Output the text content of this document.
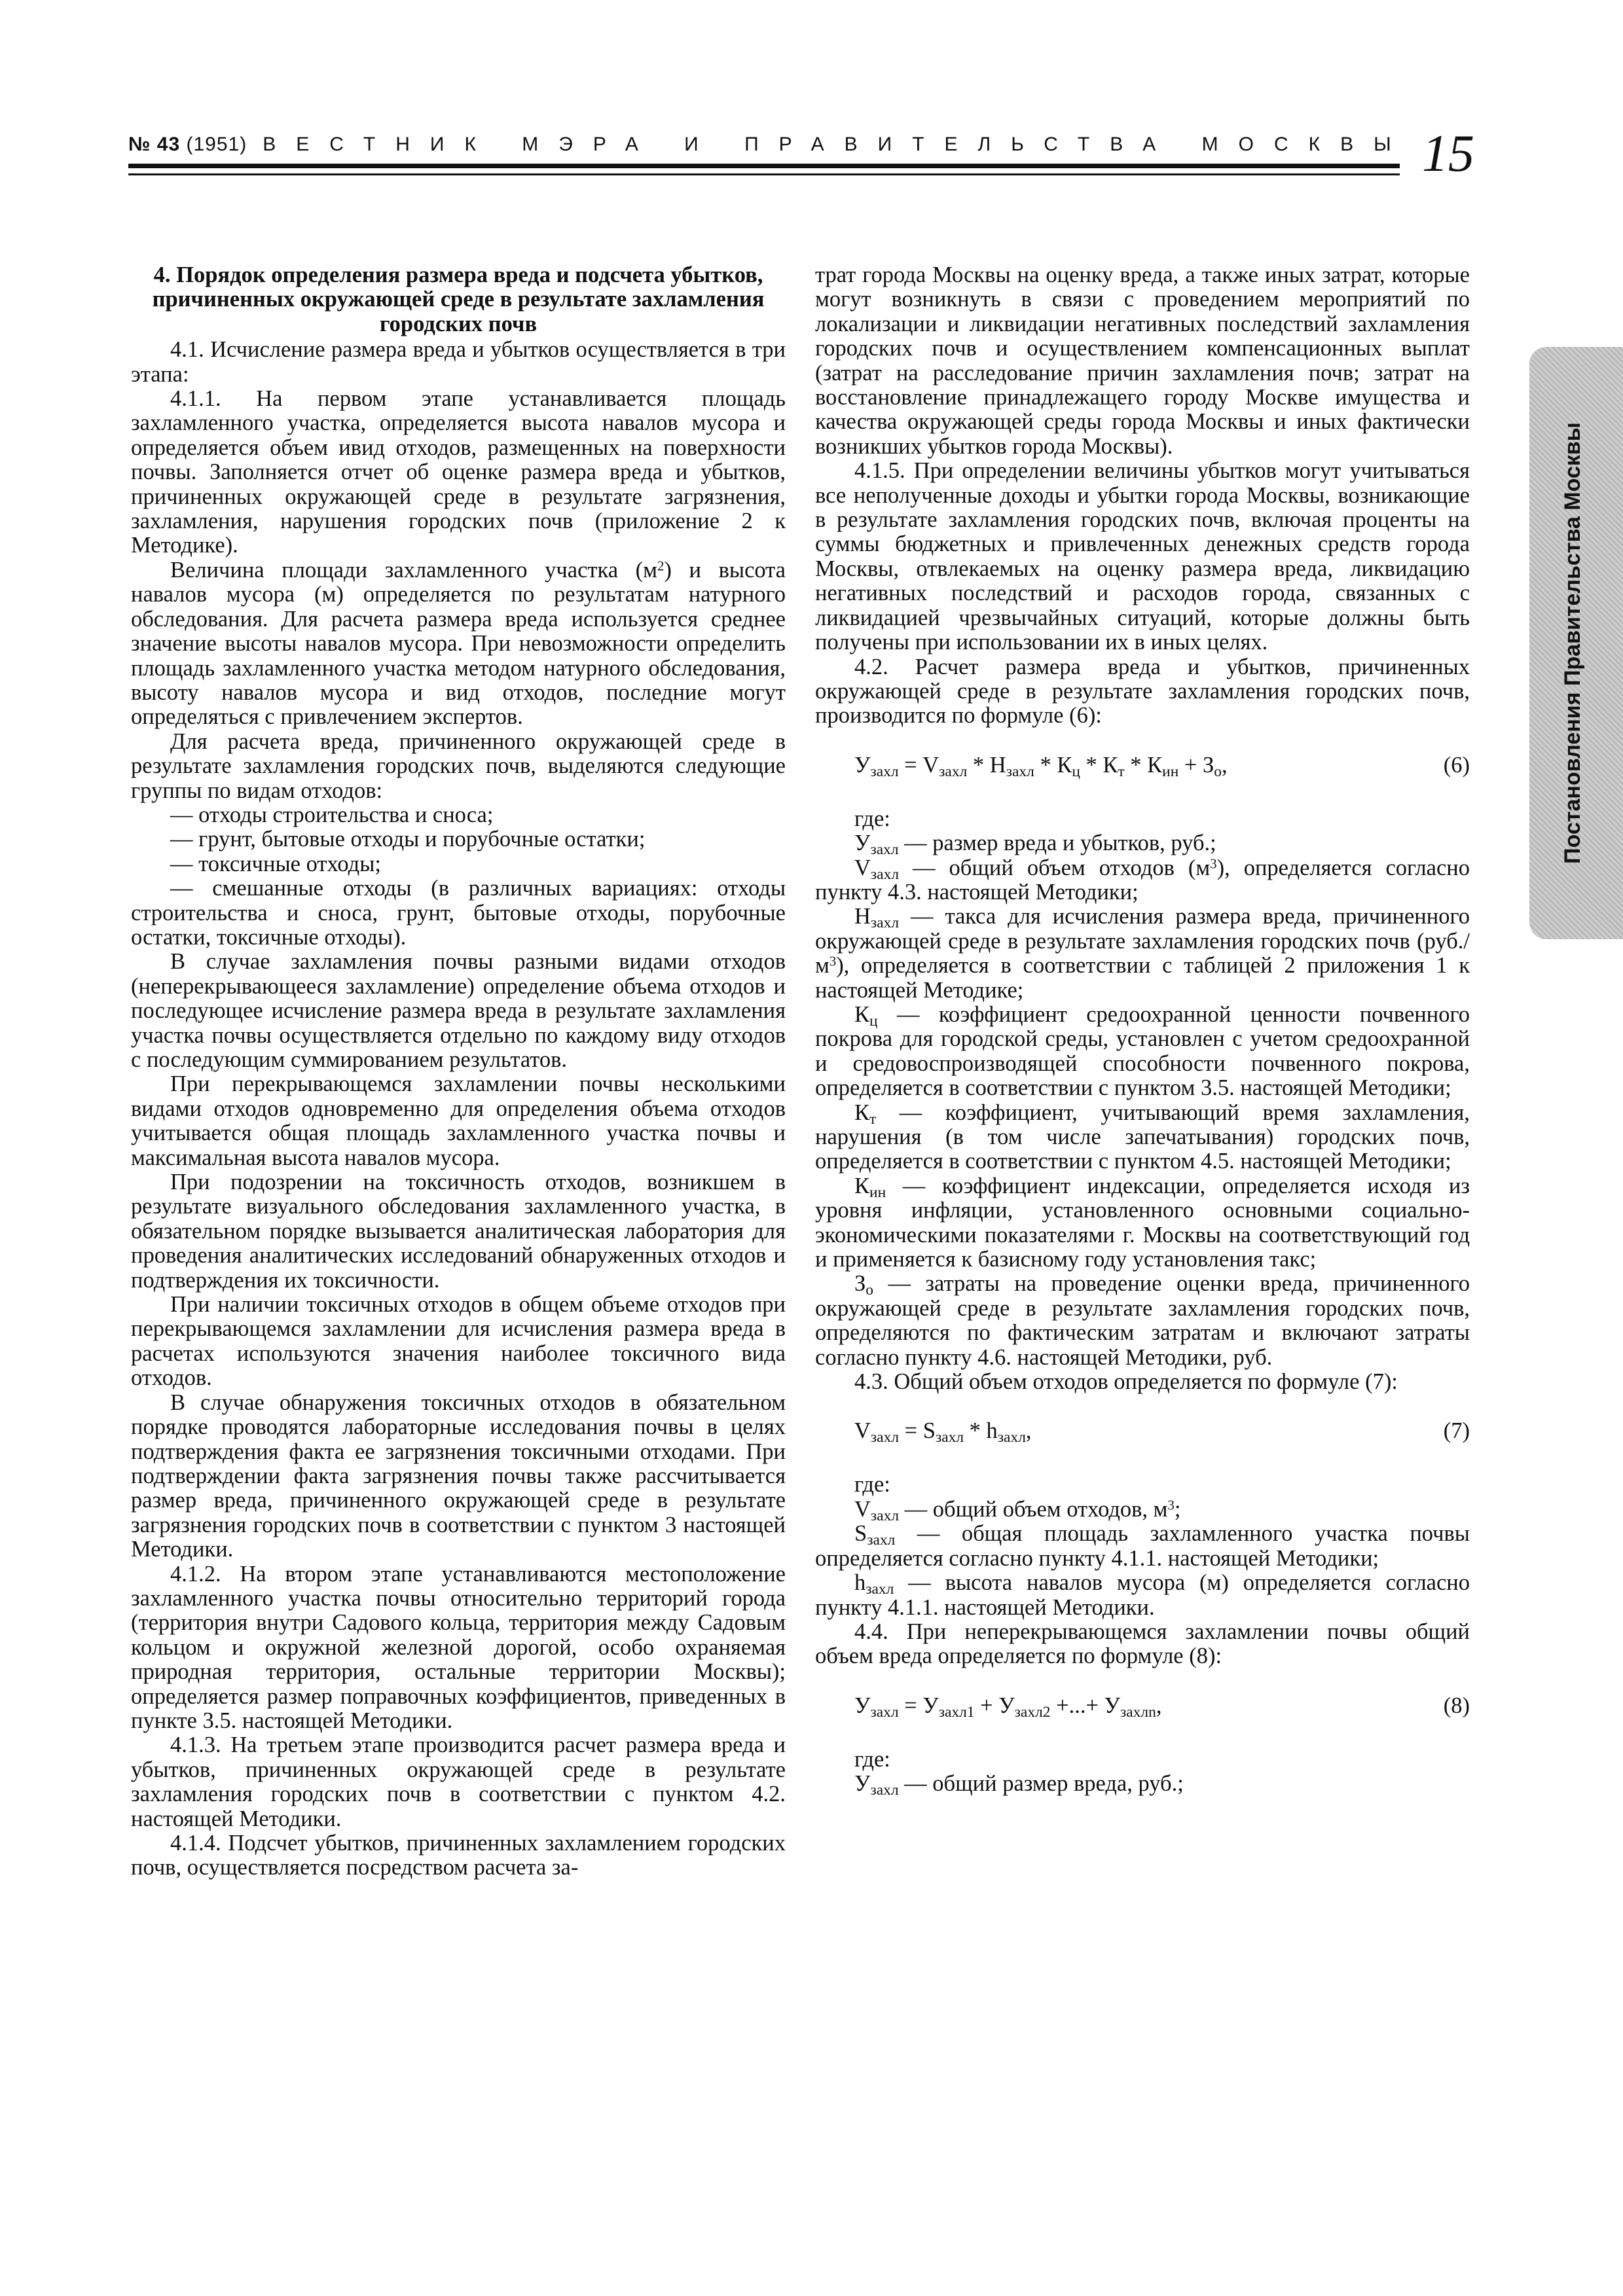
№ 43 (1951) ВЕСТНИК МЭРА И ПРАВИТЕЛЬСТВА МОСКВЫ 15
Постановления Правительства Москвы
4. Порядок определения размера вреда и подсчета убытков, причиненных окружающей среде в результате захламления городских почв

4.1. Исчисление размера вреда и убытков осуществляется в три этапа:

4.1.1. На первом этапе устанавливается площадь захламленного участка, определяется высота навалов мусора и определяется объем ивид отходов, размещенных на поверхности почвы. Заполняется отчет об оценке размера вреда и убытков, причиненных окружающей среде в результате загрязнения, захламления, нарушения городских почв (приложение 2 к Методике).

Величина площади захламленного участка $(м^2)$ и высота навалов мусора (м) определяется по результатам натурного обследования. Для расчета размера вреда используется среднее значение высоты навалов мусора. При невозможности определить площадь захламленного участка методом натурного обследования, высоту навалов мусора и вид отходов, последние могут определяться с привлечением экспертов.

Для расчета вреда, причиненного окружающей среде в результате захламления городских почв, выделяются следующие группы по видам отходов:

— отходы строительства и сноса;

— грунт, бытовые отходы и порубочные остатки;

— токсичные отходы;

— смешанные отходы (в различных вариациях: отходы строительства и сноса, грунт, бытовые отходы, порубочные остатки, токсичные отходы).

В случае захламления почвы разными видами отходов (неперекрывающееся захламление) определение объема отходов и последующее исчисление размера вреда в результате захламления участка почвы осуществляется отдельно по каждому виду отходов с последующим суммированием результатов.

При перекрывающемся захламлении почвы несколькими видами отходов одновременно для определения объема отходов учитывается общая площадь захламленного участка почвы и максимальная высота навалов мусора.

При подозрении на токсичность отходов, возникшем в результате визуального обследования захламленного участка, в обязательном порядке вызывается аналитическая лаборатория для проведения аналитических исследований обнаруженных отходов и подтверждения их токсичности.

При наличии токсичных отходов в общем объеме отходов при перекрывающемся захламлении для исчисления размера вреда в расчетах используются значения наиболее токсичного вида отходов.

В случае обнаружения токсичных отходов в обязательном порядке проводятся лабораторные исследования почвы в целях подтверждения факта ее загрязнения токсичными отходами. При подтверждении факта загрязнения почвы также рассчитывается размер вреда, причиненного окружающей среде в результате загрязнения городских почв в соответствии с пунктом 3 настоящей Методики.

4.1.2. На втором этапе устанавливаются местоположение захламленного участка почвы относительно территорий города (территория внутри Садового кольца, территория между Садовым кольцом и окружной железной дорогой, особо охраняемая природная территория, остальные территории Москвы); определяется размер поправочных коэффициентов, приведенных в пункте 3.5. настоящей Методики.

4.1.3. На третьем этапе производится расчет размера вреда и убытков, причиненных окружающей среде в результате захламления городских почв в соответствии с пунктом 4.2. настоящей Методики.

4.1.4. Подсчет убытков, причиненных захламлением городских почв, осуществляется посредством расчета за-

трат города Москвы на оценку вреда, а также иных затрат, которые могут возникнуть в связи с проведением мероприятий по локализации и ликвидации негативных последствий захламления городских почв и осуществлением компенсационных выплат (затрат на расследование причин захламления почв; затрат на восстановление принадлежащего городу Москве имущества и качества окружающей среды города Москвы и иных фактически возникших убытков города Москвы).

4.1.5. При определении величины убытков могут учитываться все неполученные доходы и убытки города Москвы, возникающие в результате захламления городских почв, включая проценты на суммы бюджетных и привлеченных денежных средств города Москвы, отвлекаемых на оценку размера вреда, ликвидацию негативных последствий и расходов города, связанных с ликвидацией чрезвычайных ситуаций, которые должны быть получены при использовании их в иных целях.

4.2. Расчет размера вреда и убытков, причиненных окружающей среде в результате захламления городских почв, производится по формуле (6):

$У_{захл} = V_{захл} * Н_{захл} * К_ц * К_т * К_{ин} + З_о$,	(6)

где:

$У_{захл}$ — размер вреда и убытков, руб.;

$V_{захл}$ — общий объем отходов $(м^3)$, определяется согласно пункту 4.3. настоящей Методики;

$Н_{захл}$ — такса для исчисления размера вреда, причиненного окружающей среде в результате захламления городских почв $(руб./м^3)$, определяется в соответствии с таблицей 2 приложения 1 к настоящей Методике;

$К_ц$ — коэффициент средоохранной ценности почвенного покрова для городской среды, установлен с учетом средоохранной и средовоспроизводящей способности почвенного покрова, определяется в соответствии с пунктом 3.5. настоящей Методики;

$К_т$ — коэффициент, учитывающий время захламления, нарушения (в том числе запечатывания) городских почв, определяется в соответствии с пунктом 4.5. настоящей Методики;

$К_{ин}$ — коэффициент индексации, определяется исходя из уровня инфляции, установленного основными социально-экономическими показателями г. Москвы на соответствующий год и применяется к базисному году установления такс;

$З_о$ — затраты на проведение оценки вреда, причиненного окружающей среде в результате захламления городских почв, определяются по фактическим затратам и включают затраты согласно пункту 4.6. настоящей Методики, руб.

4.3. Общий объем отходов определяется по формуле (7):

$V_{захл} = S_{захл} * h_{захл}$,	(7)

где:

$V_{захл}$ — общий объем отходов, $м^3$;

$S_{захл}$ — общая площадь захламленного участка почвы определяется согласно пункту 4.1.1. настоящей Методики;

$h_{захл}$ — высота навалов мусора (м) определяется согласно пункту 4.1.1. настоящей Методики.

4.4. При неперекрывающемся захламлении почвы общий объем вреда определяется по формуле (8):

$У_{захл} = У_{захл1} + У_{захл2}$ +...+ $У_{захлn}$,	(8)

где:

$У_{захл}$ — общий размер вреда, руб.;
